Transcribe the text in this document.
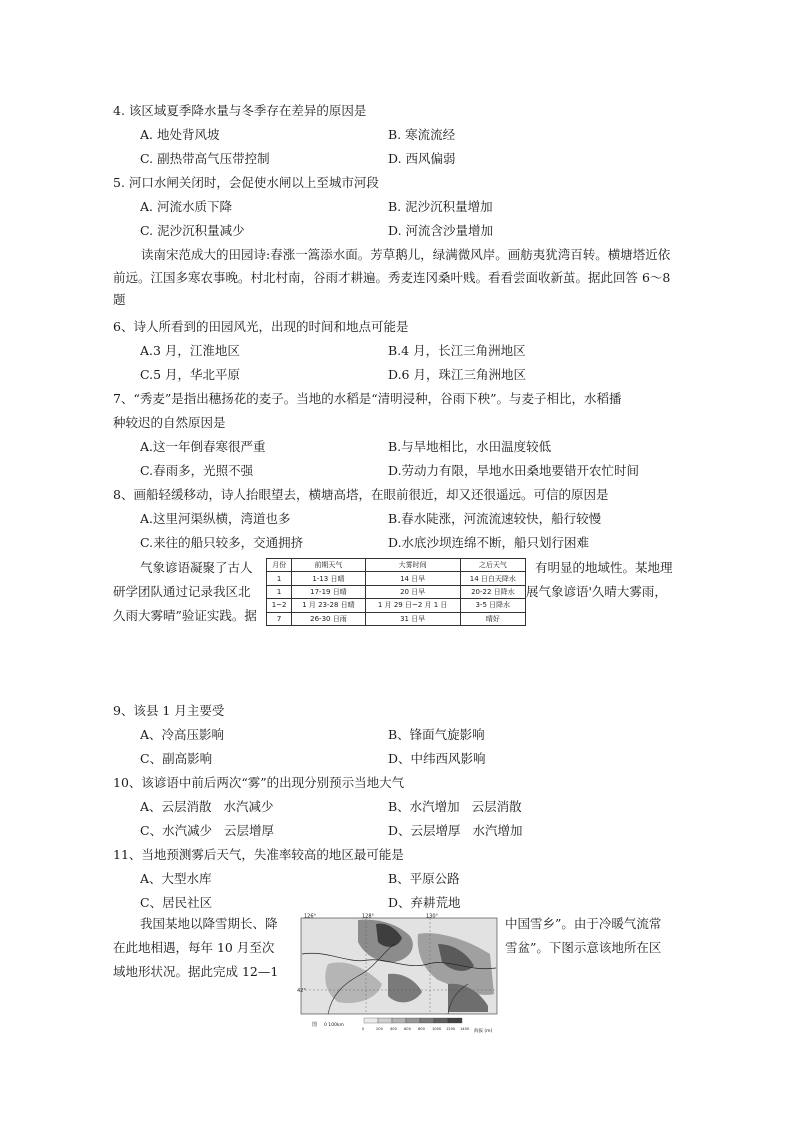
4. 该区域夏季降水量与冬季存在差异的原因是
A. 地处背风坡	B. 寒流流经
C. 副热带高气压带控制	D. 西风偏弱
5. 河口水闸关闭时，会促使水闸以上至城市河段
A. 河流水质下降	B. 泥沙沉积量增加
C. 泥沙沉积量减少	D. 河流含沙量增加
读南宋范成大的田园诗:春涨一篙添水面。芳草鹅儿，绿满微风岸。画舫夷犹湾百转。横塘塔近依前远。江国多寒农事晚。村北村南，谷雨才耕遍。秀麦连冈桑叶贱。看看尝面收新茧。据此回答 6～8 题
6、诗人所看到的田园风光，出现的时间和地点可能是
A.3 月，江淮地区	B.4 月，长江三角洲地区
C.5 月，华北平原	D.6 月，珠江三角洲地区
7、“秀麦”是指出穗扬花的麦子。当地的水稻是“清明浸种，谷雨下秧”。与麦子相比，水稻播
种较迟的自然原因是
A.这一年倒春寒很严重	B.与旱地相比，水田温度较低
C.春雨多，光照不强	D.劳动力有限，旱地水田桑地要错开农忙时间
8、画船轻缓移动，诗人抬眼望去，横塘高塔，在眼前很近，却又还很遥远。可信的原因是
A.这里河渠纵横，湾道也多	B.春水陡涨，河流流速较快，船行较慢
C.来往的船只较多，交通拥挤	D.水底沙坝连绵不断，船只划行困难
气象谚语凝聚了古人	有明显的地域性。某地理
研学团队通过记录我区北	展气象谚语'久晴大雾雨，
久雨大雾晴”验证实践。据
月份	前期天气	大雾时间	之后天气
1	1-13 日晴	14 日早	14 日白天降水
1	17-19 日晴	20 日早	20-22 日降水
1~2	1 月 23-28 日晴	1 月 29 日~2 月 1 日	3-5 日降水
7	26-30 日雨	31 日早	晴好
9、该县 1 月主要受
A、冷高压影响	B、锋面气旋影响
C、副高影响	D、中纬西风影响
10、该谚语中前后两次“雾”的出现分别预示当地大气
A、云层消散   水汽减少	B、水汽增加   云层消散
C、水汽减少   云层增厚	D、云层增厚   水汽增加
11、当地预测雾后天气，失准率较高的地区最可能是
A、大型水库	B、平原公路
C、居民社区	D、弃耕荒地
我国某地以降雪期长、降	中国雪乡”。由于冷暖气流常
在此地相遇，每年 10 月至次	雪盆”。下图示意该地所在区
域地形状况。据此完成 12—1
126°	128°	130°
42°
图 0 100km
0	200 400 600 800 1000 1200 1400 海拔 (m)
